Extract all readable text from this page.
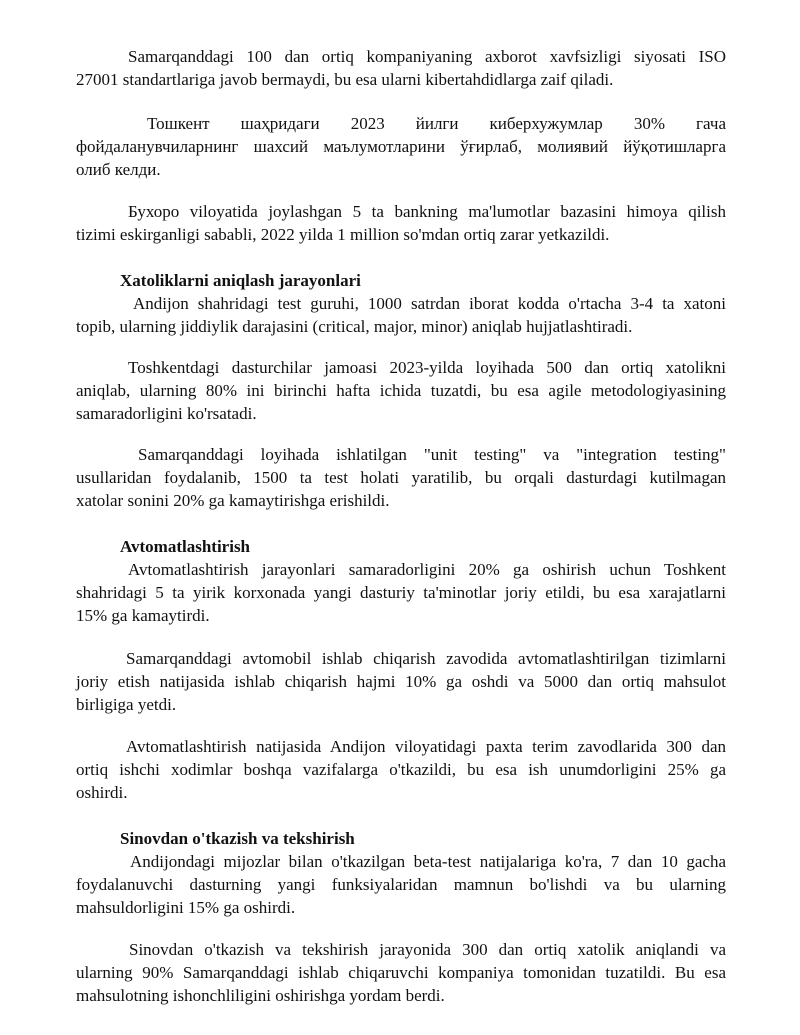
Samarqanddagi 100 dan ortiq kompaniyaning axborot xavfsizligi siyosati ISO
27001 standartlariga javob bermaydi, bu esa ularni kibertahdidlarga zaif qiladi.

Тошкент шаҳридаги 2023 йилги киберхужумлар 30% гача
фойдаланувчиларнинг шахсий маълумотларини ўғирлаб, молиявий йўқотишларга
олиб келди.

Бухоро viloyatida joylashgan 5 ta bankning ma'lumotlar bazasini himoya qilish
tizimi eskirganligi sababli, 2022 yilda 1 million so'mdan ortiq zarar yetkazildi.

Xatoliklarni aniqlash jarayonlari

Andijon shahridagi test guruhi, 1000 satrdan iborat kodda o'rtacha 3-4 ta xatoni
topib, ularning jiddiylik darajasini (critical, major, minor) aniqlab hujjatlashtiradi.

Toshkentdagi dasturchilar jamoasi 2023-yilda loyihada 500 dan ortiq xatolikni
aniqlab, ularning 80% ini birinchi hafta ichida tuzatdi, bu esa agile metodologiyasining
samaradorligini ko'rsatadi.

Samarqanddagi loyihada ishlatilgan "unit testing" va "integration testing"
usullaridan foydalanib, 1500 ta test holati yaratilib, bu orqali dasturdagi kutilmagan
xatolar sonini 20% ga kamaytirishga erishildi.

Avtomatlashtirish

Avtomatlashtirish jarayonlari samaradorligini 20% ga oshirish uchun Toshkent
shahridagi 5 ta yirik korxonada yangi dasturiy ta'minotlar joriy etildi, bu esa xarajatlarni
15% ga kamaytirdi.

Samarqanddagi avtomobil ishlab chiqarish zavodida avtomatlashtirilgan tizimlarni
joriy etish natijasida ishlab chiqarish hajmi 10% ga oshdi va 5000 dan ortiq mahsulot
birligiga yetdi.

Avtomatlashtirish natijasida Andijon viloyatidagi paxta terim zavodlarida 300 dan
ortiq ishchi xodimlar boshqa vazifalarga o'tkazildi, bu esa ish unumdorligini 25% ga
oshirdi.

Sinovdan o'tkazish va tekshirish

Andijondagi mijozlar bilan o'tkazilgan beta-test natijalariga ko'ra, 7 dan 10 gacha
foydalanuvchi dasturning yangi funksiyalaridan mamnun bo'lishdi va bu ularning
mahsuldorligini 15% ga oshirdi.

Sinovdan o'tkazish va tekshirish jarayonida 300 dan ortiq xatolik aniqlandi va
ularning 90% Samarqanddagi ishlab chiqaruvchi kompaniya tomonidan tuzatildi. Bu esa
mahsulotning ishonchliligini oshirishga yordam berdi.
